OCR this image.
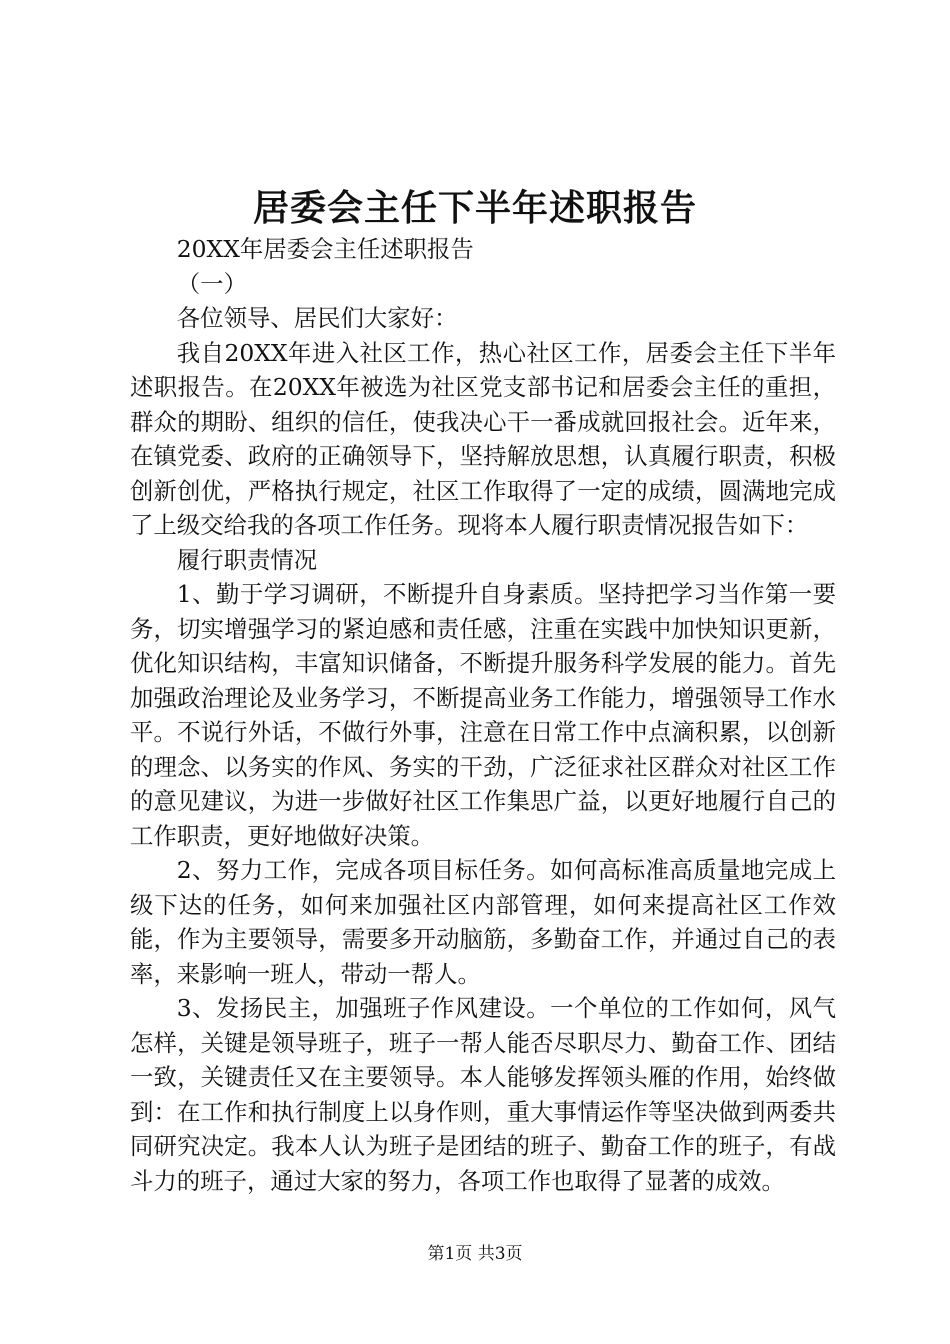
居委会主任下半年述职报告

20XX年居委会主任述职报告

（一）

各位领导、居民们大家好：

我自20XX年进入社区工作，热心社区工作，居委会主任下半年述职报告。在20XX年被选为社区党支部书记和居委会主任的重担，群众的期盼、组织的信任，使我决心干一番成就回报社会。近年来，在镇党委、政府的正确领导下，坚持解放思想，认真履行职责，积极创新创优，严格执行规定，社区工作取得了一定的成绩，圆满地完成了上级交给我的各项工作任务。现将本人履行职责情况报告如下：

履行职责情况

1、勤于学习调研，不断提升自身素质。坚持把学习当作第一要务，切实增强学习的紧迫感和责任感，注重在实践中加快知识更新，优化知识结构，丰富知识储备，不断提升服务科学发展的能力。首先加强政治理论及业务学习，不断提高业务工作能力，增强领导工作水平。不说行外话，不做行外事，注意在日常工作中点滴积累，以创新的理念、以务实的作风、务实的干劲，广泛征求社区群众对社区工作的意见建议，为进一步做好社区工作集思广益，以更好地履行自己的工作职责，更好地做好决策。

2、努力工作，完成各项目标任务。如何高标准高质量地完成上级下达的任务，如何来加强社区内部管理，如何来提高社区工作效能，作为主要领导，需要多开动脑筋，多勤奋工作，并通过自己的表率，来影响一班人，带动一帮人。

3、发扬民主，加强班子作风建设。一个单位的工作如何，风气怎样，关键是领导班子，班子一帮人能否尽职尽力、勤奋工作、团结一致，关键责任又在主要领导。本人能够发挥领头雁的作用，始终做到：在工作和执行制度上以身作则，重大事情运作等坚决做到两委共同研究决定。我本人认为班子是团结的班子、勤奋工作的班子，有战斗力的班子，通过大家的努力，各项工作也取得了显著的成效。

第1页 共3页
